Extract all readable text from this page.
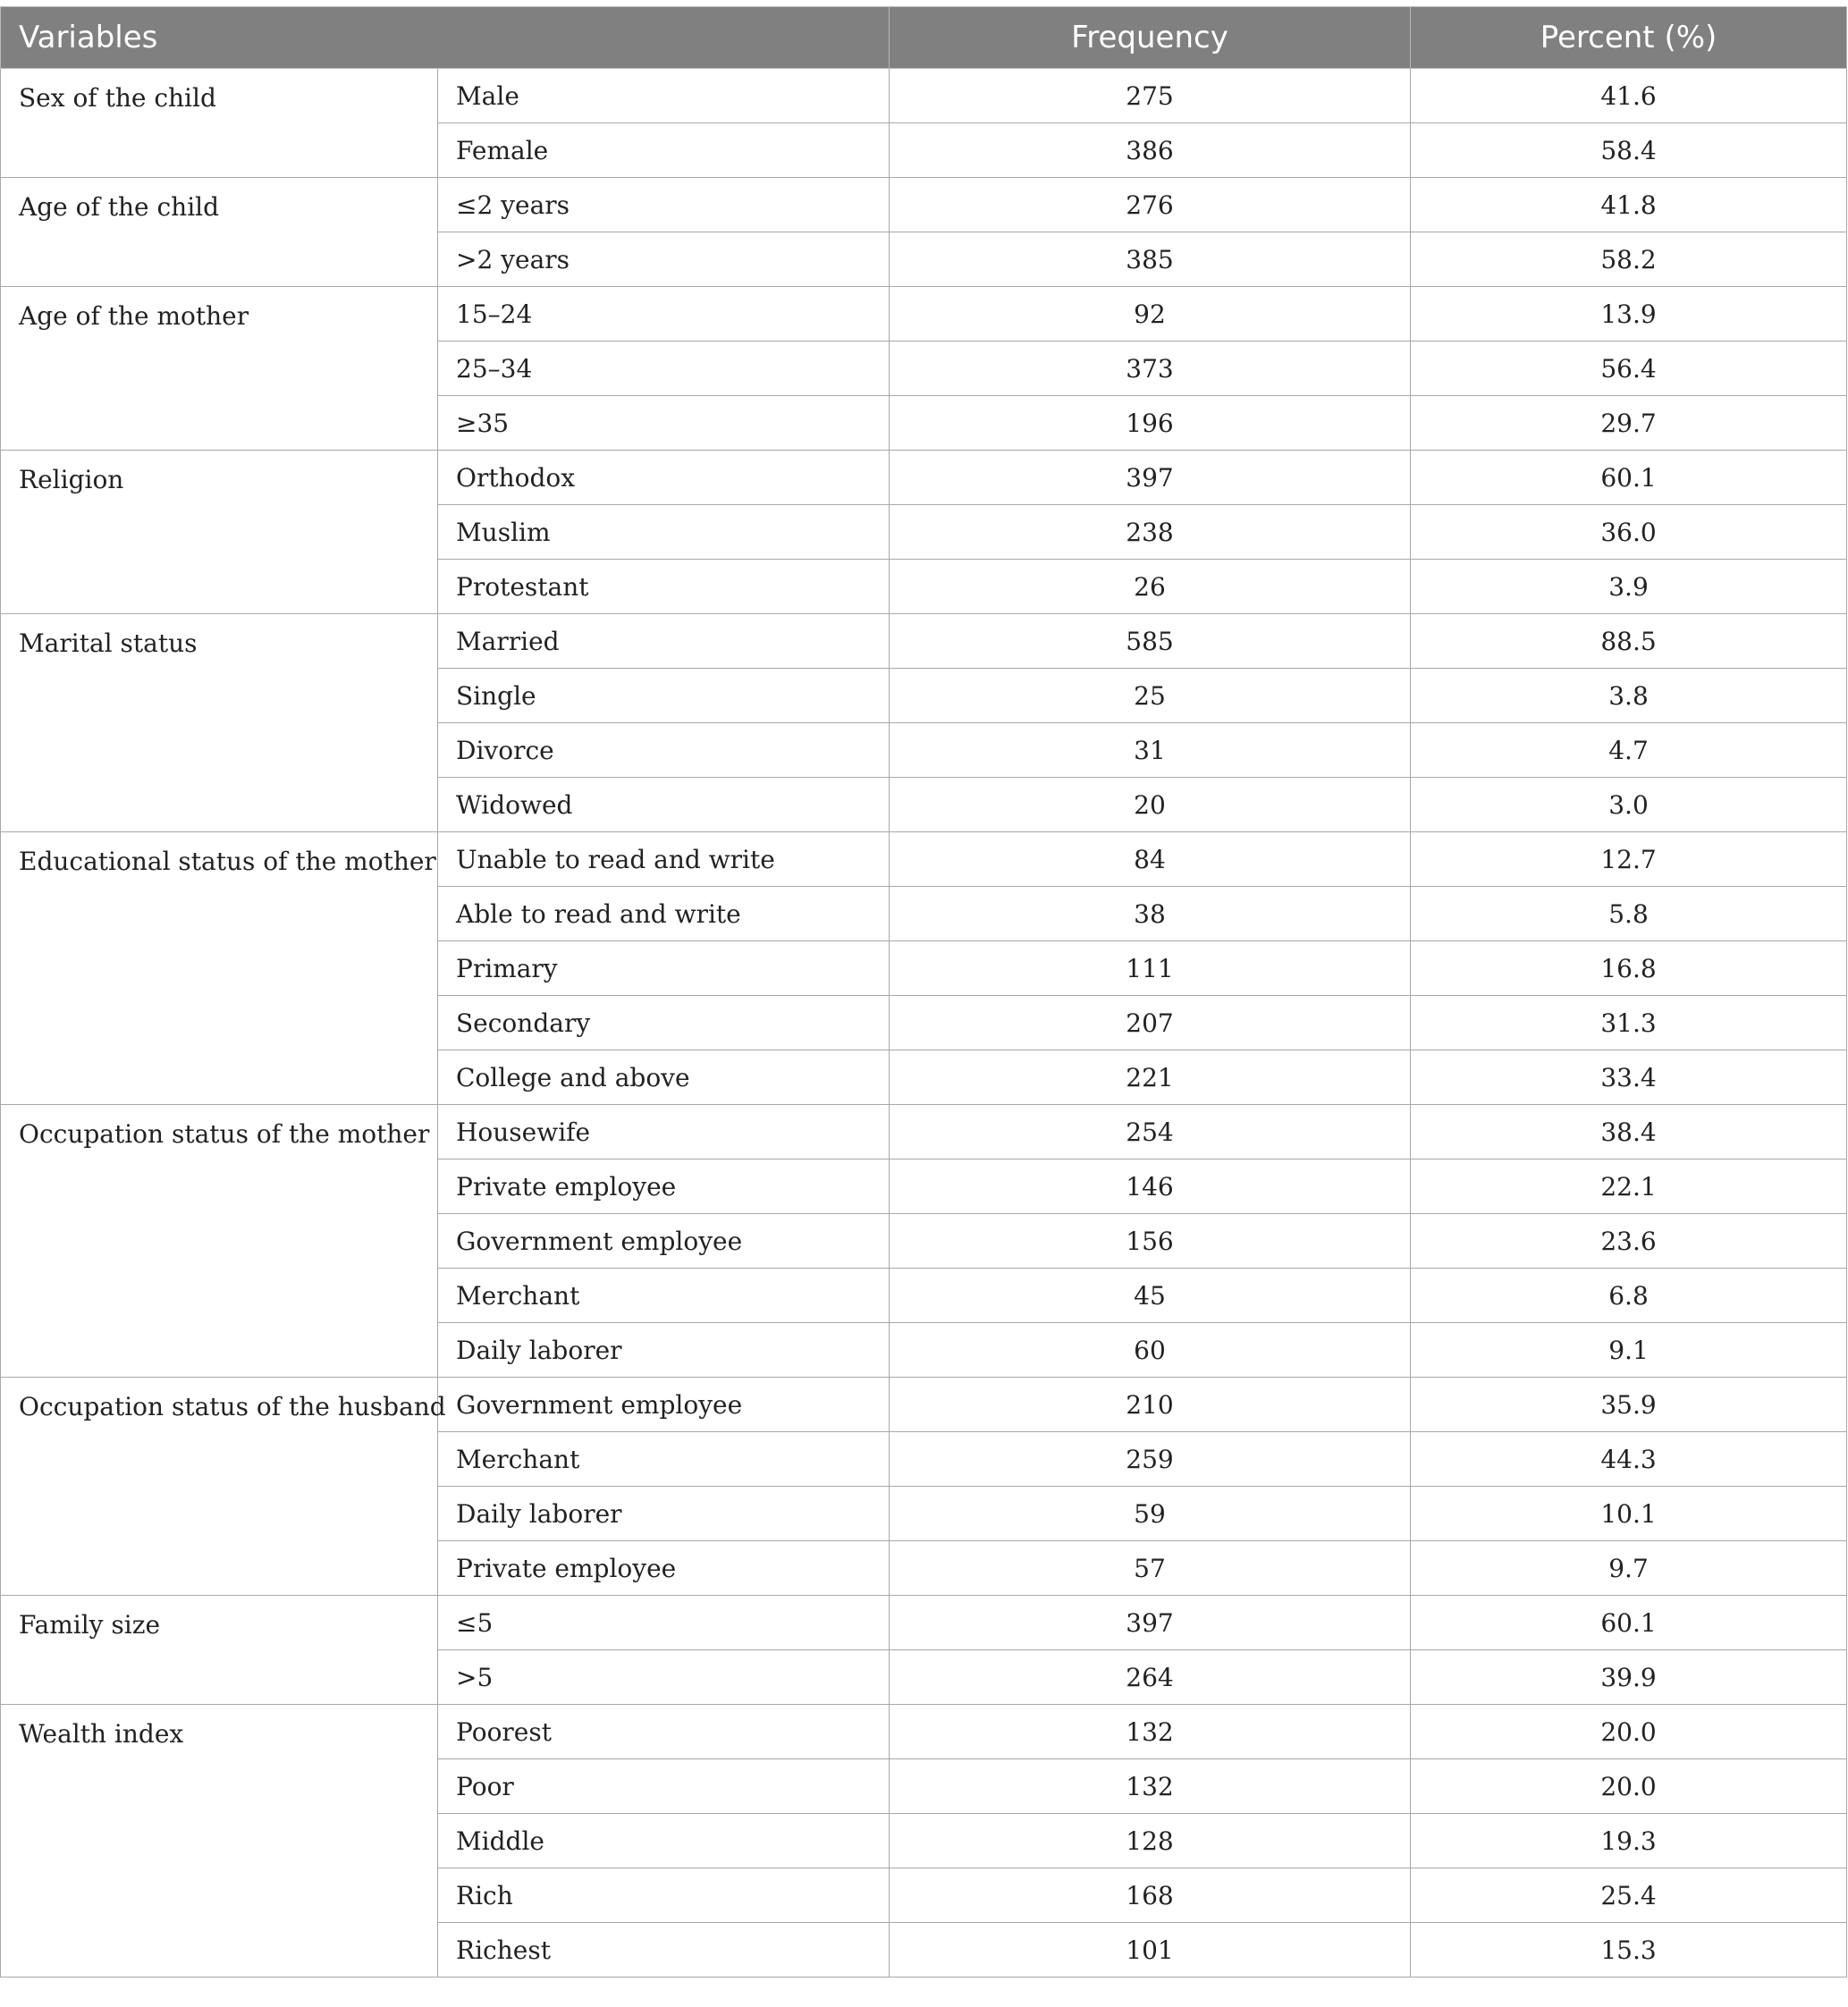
Variables		Frequency	Percent (%)
Sex of the child	Male	275	41.6
	Female	386	58.4
Age of the child	≤2 years	276	41.8
	>2 years	385	58.2
Age of the mother	15–24	92	13.9
	25–34	373	56.4
	≥35	196	29.7
Religion	Orthodox	397	60.1
	Muslim	238	36.0
	Protestant	26	3.9
Marital status	Married	585	88.5
	Single	25	3.8
	Divorce	31	4.7
	Widowed	20	3.0
Educational status of the mother	Unable to read and write	84	12.7
	Able to read and write	38	5.8
	Primary	111	16.8
	Secondary	207	31.3
	College and above	221	33.4
Occupation status of the mother	Housewife	254	38.4
	Private employee	146	22.1
	Government employee	156	23.6
	Merchant	45	6.8
	Daily laborer	60	9.1
Occupation status of the husband	Government employee	210	35.9
	Merchant	259	44.3
	Daily laborer	59	10.1
	Private employee	57	9.7
Family size	≤5	397	60.1
	>5	264	39.9
Wealth index	Poorest	132	20.0
	Poor	132	20.0
	Middle	128	19.3
	Rich	168	25.4
	Richest	101	15.3
